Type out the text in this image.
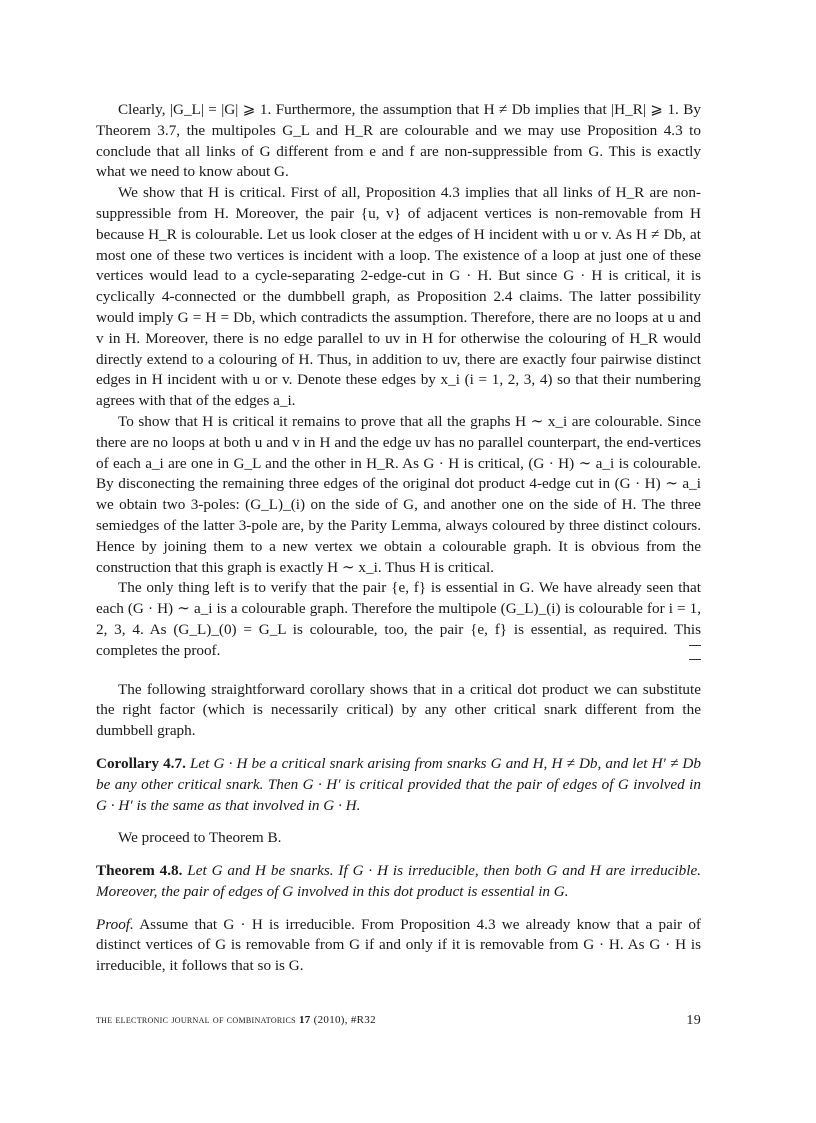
Clearly, |G_L| = |G| ⩾ 1. Furthermore, the assumption that H ≠ Db implies that |H_R| ⩾ 1. By Theorem 3.7, the multipoles G_L and H_R are colourable and we may use Proposition 4.3 to conclude that all links of G different from e and f are non-suppressible from G. This is exactly what we need to know about G.

We show that H is critical. First of all, Proposition 4.3 implies that all links of H_R are non-suppressible from H. Moreover, the pair {u, v} of adjacent vertices is non-removable from H because H_R is colourable. Let us look closer at the edges of H incident with u or v. As H ≠ Db, at most one of these two vertices is incident with a loop. The existence of a loop at just one of these vertices would lead to a cycle-separating 2-edge-cut in G · H. But since G · H is critical, it is cyclically 4-connected or the dumbbell graph, as Proposition 2.4 claims. The latter possibility would imply G = H = Db, which contradicts the assumption. Therefore, there are no loops at u and v in H. Moreover, there is no edge parallel to uv in H for otherwise the colouring of H_R would directly extend to a colouring of H. Thus, in addition to uv, there are exactly four pairwise distinct edges in H incident with u or v. Denote these edges by x_i (i = 1, 2, 3, 4) so that their numbering agrees with that of the edges a_i.

To show that H is critical it remains to prove that all the graphs H ∼ x_i are colourable. Since there are no loops at both u and v in H and the edge uv has no parallel counterpart, the end-vertices of each a_i are one in G_L and the other in H_R. As G · H is critical, (G · H) ∼ a_i is colourable. By disconecting the remaining three edges of the original dot product 4-edge cut in (G · H) ∼ a_i we obtain two 3-poles: (G_L)_(i) on the side of G, and another one on the side of H. The three semiedges of the latter 3-pole are, by the Parity Lemma, always coloured by three distinct colours. Hence by joining them to a new vertex we obtain a colourable graph. It is obvious from the construction that this graph is exactly H ∼ x_i. Thus H is critical.

The only thing left is to verify that the pair {e, f} is essential in G. We have already seen that each (G · H) ∼ a_i is a colourable graph. Therefore the multipole (G_L)_(i) is colourable for i = 1, 2, 3, 4. As (G_L)_(0) = G_L is colourable, too, the pair {e, f} is essential, as required. This completes the proof.

The following straightforward corollary shows that in a critical dot product we can substitute the right factor (which is necessarily critical) by any other critical snark different from the dumbbell graph.

Corollary 4.7. Let G · H be a critical snark arising from snarks G and H, H ≠ Db, and let H′ ≠ Db be any other critical snark. Then G · H′ is critical provided that the pair of edges of G involved in G · H′ is the same as that involved in G · H.

We proceed to Theorem B.

Theorem 4.8. Let G and H be snarks. If G · H is irreducible, then both G and H are irreducible. Moreover, the pair of edges of G involved in this dot product is essential in G.

Proof. Assume that G · H is irreducible. From Proposition 4.3 we already know that a pair of distinct vertices of G is removable from G if and only if it is removable from G · H. As G · H is irreducible, it follows that so is G.

the electronic journal of combinatorics 17 (2010), #R32	19
